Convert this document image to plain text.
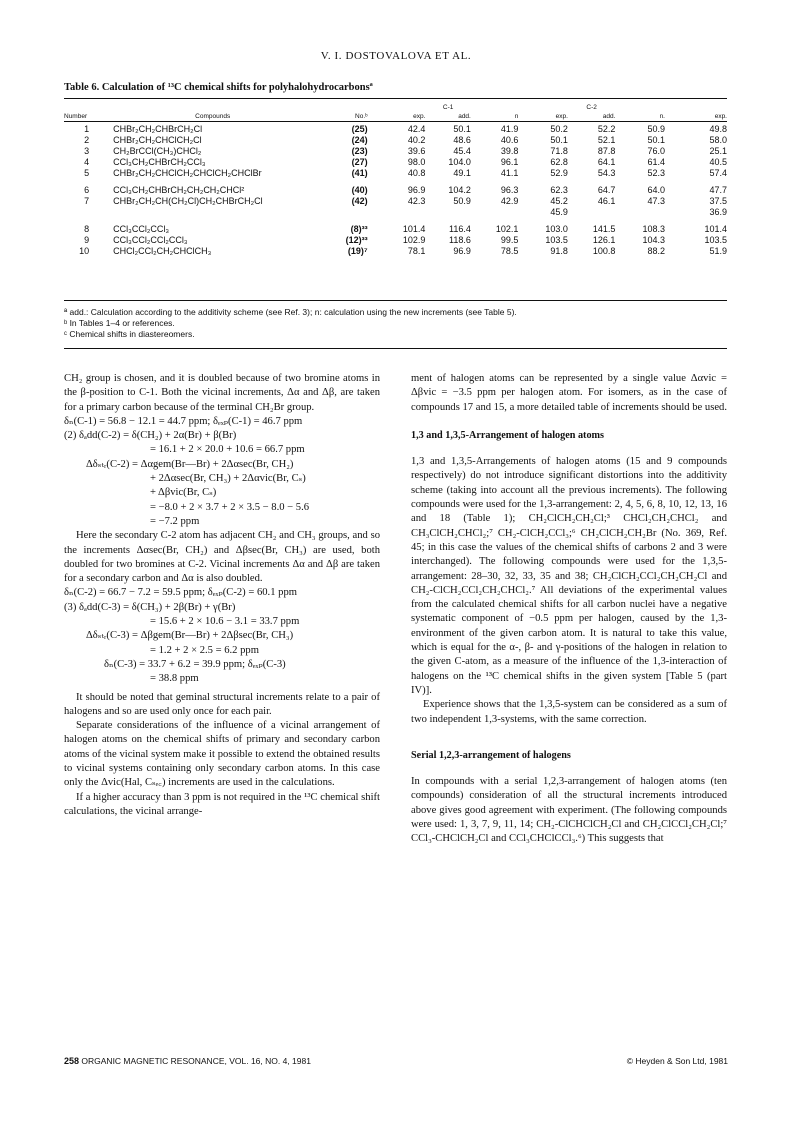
V. I. DOSTOVALOVA ET AL.
Table 6. Calculation of ¹³C chemical shifts for polyhalohydrocarbonsª
				C-1			C-2		
Number	Compounds	No.ᵇ	exp.	add.	n	exp.	add.	n.	exp.

1	CHBr₂CH₂CHBrCH₂Cl	(25)	42.4	50.1	41.9	50.2	52.2	50.9	49.8
2	CHBr₂CH₂CHClCH₂Cl	(24)	40.2	48.6	40.6	50.1	52.1	50.1	58.0
3	CH₂BrCCl(CH₃)CHCl₂	(23)	39.6	45.4	39.8	71.8	87.8	76.0	25.1
4	CCl₃CH₂CHBrCH₂CCl₃	(27)	98.0	104.0	96.1	62.8	64.1	61.4	40.5
5	CHBr₂CH₂CHClCH₂CHClCH₂CHClBr	(41)	40.8	49.1	41.1	52.9	54.3	52.3	57.4

6	CCl₃CH₂CHBrCH₂CH₂CH₂CHCl²	(40)	96.9	104.2	96.3	62.3	64.7	64.0	47.7
7	CHBr₂CH₂CH(CH₂Cl)CH₂CHBrCH₂Cl	(42)	42.3	50.9	42.9	45.2	46.1	47.3	37.5
						45.9			36.9

8	CCl₃CCl₂CCl₃	(8)³³	101.4	116.4	102.1	103.0	141.5	108.3	101.4
9	CCl₃CCl₂CCl₂CCl₃	(12)³³	102.9	118.6	99.5	103.5	126.1	104.3	103.5
10	CHCl₂CCl₂CH₂CHClCH₃	(19)⁷	78.1	96.9	78.5	91.8	100.8	88.2	51.9
ª add.: Calculation according to the additivity scheme (see Ref. 3); n: calculation using the new increments (see Table 5).
ᵇ In Tables 1–4 or references.
ᶜ Chemical shifts in diastereomers.

CH₂ group is chosen, and it is doubled because of two bromine atoms in the β-position to C-1. Both the vicinal increments, Δα and Δβ, are taken for a primary carbon because of the terminal CH₂Br group.

δₙ(C-1) = 56.8 − 12.1 = 44.7 ppm; δₑₓₚ(C-1) = 46.7 ppm

(2) δₐdd(C-2) = δ(CH₂) + 2α(Br) + β(Br)

= 16.1 + 2 × 20.0 + 10.6 = 66.7 ppm

Δδₛₜᵣ(C-2) = Δαgem(Br—Br) + 2Δαsec(Br, CH₂)

+ 2Δαsec(Br, CH₃) + 2Δαvic(Br, Cₛ)

+ Δβvic(Br, Cₛ)

= −8.0 + 2 × 3.7 + 2 × 3.5 − 8.0 − 5.6

= −7.2 ppm

Here the secondary C-2 atom has adjacent CH₂ and CH₃ groups, and so the increments Δαsec(Br, CH₂) and Δβsec(Br, CH₃) are used, both doubled for two bromines at C-2. Vicinal increments Δα and Δβ are taken for a secondary carbon and Δα is also doubled.

δₙ(C-2) = 66.7 − 7.2 = 59.5 ppm; δₑₓₚ(C-2) = 60.1 ppm

(3) δₐdd(C-3) = δ(CH₃) + 2β(Br) + γ(Br)

= 15.6 + 2 × 10.6 − 3.1 = 33.7 ppm

Δδₛₜᵣ(C-3) = Δβgem(Br—Br) + 2Δβsec(Br, CH₃)

= 1.2 + 2 × 2.5 = 6.2 ppm

δₙ(C-3) = 33.7 + 6.2 = 39.9 ppm; δₑₓₚ(C-3)

= 38.8 ppm

It should be noted that geminal structural increments relate to a pair of halogens and so are used only once for each pair.

Separate considerations of the influence of a vicinal arrangement of halogen atoms on the chemical shifts of primary and secondary carbon atoms of the vicinal system make it possible to extend the obtained results to vicinal systems containing only secondary carbon atoms. In this case only the Δvic(Hal, Cₛₑ꜀) increments are used in the calculations.

If a higher accuracy than 3 ppm is not required in the ¹³C chemical shift calculations, the vicinal arrange-

ment of halogen atoms can be represented by a single value Δαvic = Δβvic = −3.5 ppm per halogen atom. For isomers, as in the case of compounds 17 and 15, a more detailed table of increments should be used.

1,3 and 1,3,5-Arrangement of halogen atoms

1,3 and 1,3,5-Arrangements of halogen atoms (15 and 9 compounds respectively) do not introduce significant distortions into the additivity scheme (taking into account all the previous increments). The following compounds were used for the 1,3-arrangement: 2, 4, 5, 6, 8, 10, 12, 13, 16 and 18 (Table 1); CH₂ClCH₂CH₂Cl;³ CHCl₂CH₂CHCl₂ and CH₃ClCH₂CHCl₂;⁷ CH₂-ClCH₂CCl₃;⁶ CH₂ClCH₂CH₂Br (No. 369, Ref. 45; in this case the values of the chemical shifts of carbons 2 and 3 were interchanged). The following compounds were used for the 1,3,5-arrangement: 28–30, 32, 33, 35 and 38; CH₂ClCH₂CCl₂CH₂CH₂Cl and CH₂-ClCH₂CCl₂CH₂CHCl₂.⁷ All deviations of the experimental values from the calculated chemical shifts for all carbon nuclei have a negative systematic component of −0.5 ppm per halogen, caused by the 1,3-environment of the given carbon atom. It is natural to take this value, which is equal for the α-, β- and γ-positions of the halogen in relation to the given C-atom, as a measure of the influence of the 1,3-interaction of halogens on the ¹³C chemical shifts in the given system [Table 5 (part IV)].

Experience shows that the 1,3,5-system can be considered as a sum of two independent 1,3-systems, with the same correction.

Serial 1,2,3-arrangement of halogens

In compounds with a serial 1,2,3-arrangement of halogen atoms (ten compounds) consideration of all the structural increments introduced above gives good agreement with experiment. (The following compounds were used: 1, 3, 7, 9, 11, 14; CH₂-ClCHClCH₂Cl and CH₂ClCCl₂CH₂Cl;⁷ CCl₃-CHClCH₂Cl and CCl₃CHClCCl₃.⁶) This suggests that

258 ORGANIC MAGNETIC RESONANCE, VOL. 16, NO. 4, 1981	© Heyden & Son Ltd, 1981
